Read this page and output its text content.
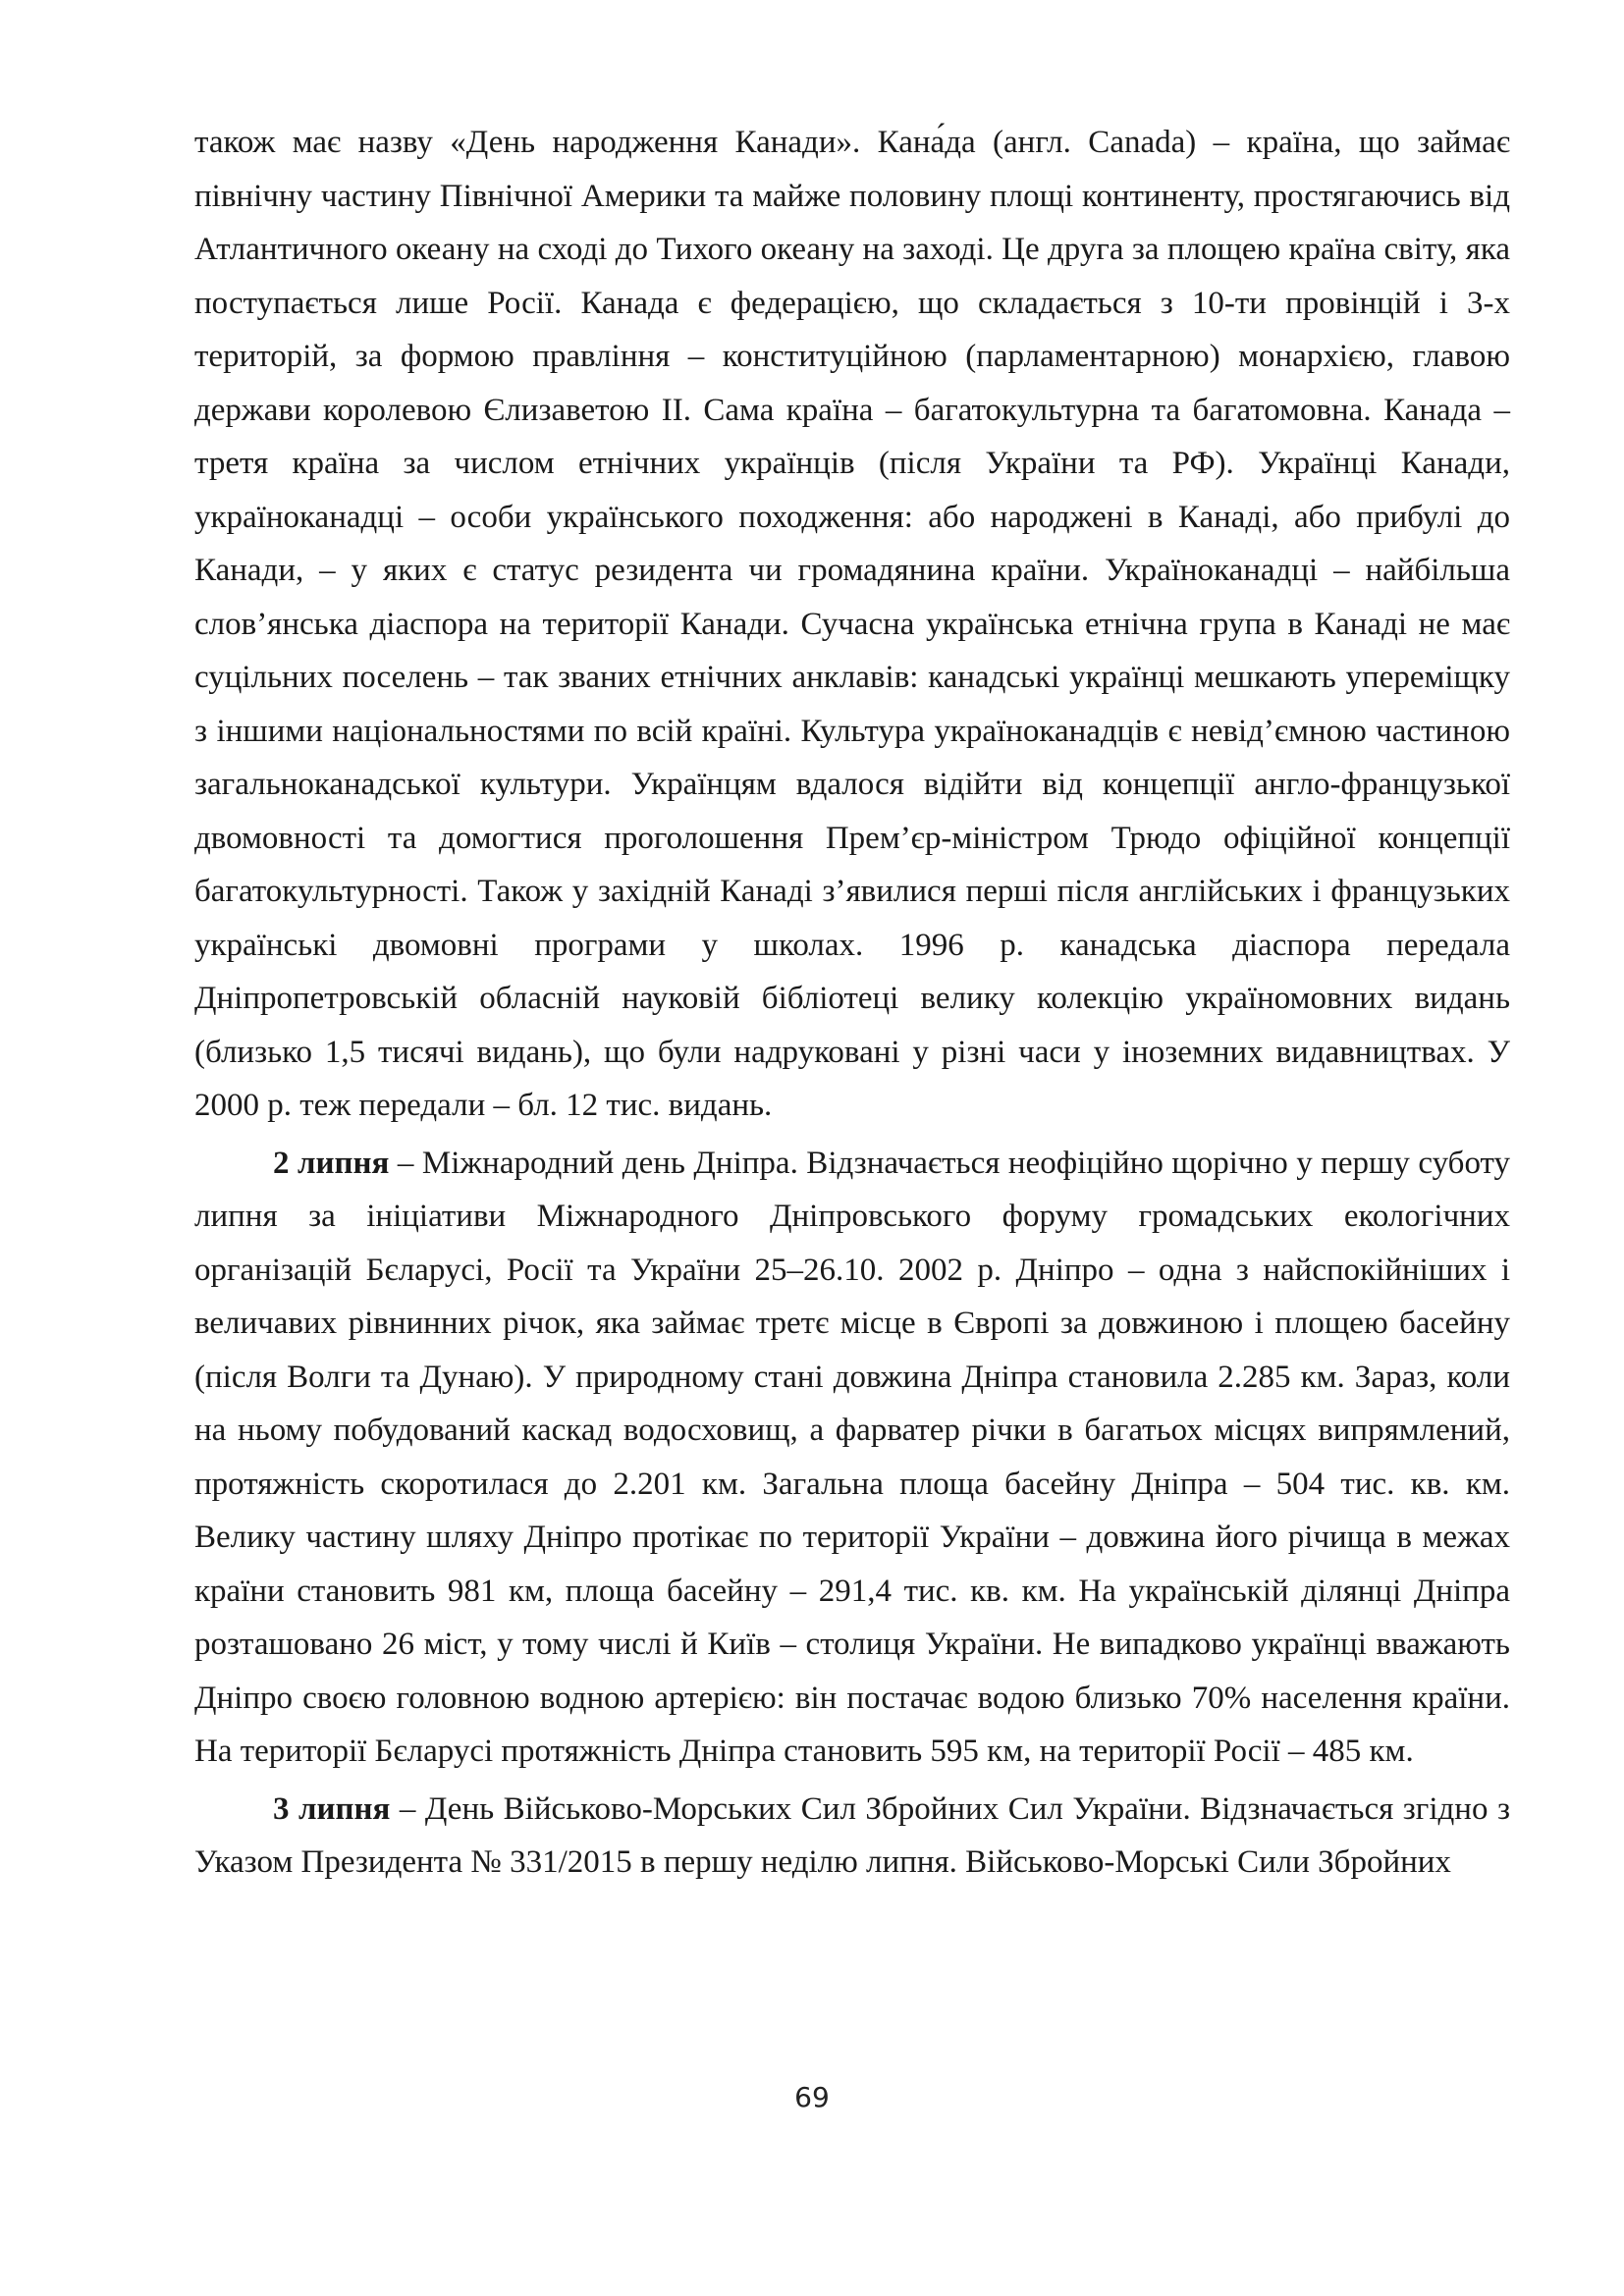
також має назву «День народження Канади». Кана́да (англ. Canada) – країна, що займає північну частину Північної Америки та майже половину площі континенту, простягаючись від Атлантичного океану на сході до Тихого океану на заході. Це друга за площею країна світу, яка поступається лише Росії. Канада є федерацією, що складається з 10-ти провінцій і 3-х територій, за формою правління – конституційною (парламентарною) монархією, главою держави королевою Єлизаветою II. Сама країна – багатокультурна та багатомовна. Канада – третя країна за числом етнічних українців (після України та РФ). Українці Канади, україноканадці – особи українського походження: або народжені в Канаді, або прибулі до Канади, – у яких є статус резидента чи громадянина країни. Україноканадці – найбільша слов’янська діаспора на території Канади. Сучасна українська етнічна група в Канаді не має суцільних поселень – так званих етнічних анклавів: канадські українці мешкають упереміщку з іншими національностями по всій країні. Культура україноканадців є невід’ємною частиною загальноканадської культури. Українцям вдалося відійти від концепції англо-французької двомовності та домогтися проголошення Прем’єр-міністром Трюдо офіційної концепції багатокультурності. Також у західній Канаді з’явилися перші після англійських і французьких українські двомовні програми у школах. 1996 р. канадська діаспора передала Дніпропетровській обласній науковій бібліотеці велику колекцію україномовних видань (близько 1,5 тисячі видань), що були надруковані у різні часи у іноземних видавництвах. У 2000 р. теж передали – бл. 12 тис. видань.

2 липня – Міжнародний день Дніпра. Відзначається неофіційно щорічно у першу суботу липня за ініціативи Міжнародного Дніпровського форуму громадських екологічних організацій Бєларусі, Росії та України 25–26.10. 2002 р. Дніпро – одна з найспокійніших і величавих рівнинних річок, яка займає третє місце в Європі за довжиною і площею басейну (після Волги та Дунаю). У природному стані довжина Дніпра становила 2.285 км. Зараз, коли на ньому побудований каскад водосховищ, а фарватер річки в багатьох місцях випрямлений, протяжність скоротилася до 2.201 км. Загальна площа басейну Дніпра – 504 тис. кв. км. Велику частину шляху Дніпро протікає по території України – довжина його річища в межах країни становить 981 км, площа басейну – 291,4 тис. кв. км. На українській ділянці Дніпра розташовано 26 міст, у тому числі й Київ – столиця України. Не випадково українці вважають Дніпро своєю головною водною артерією: він постачає водою близько 70% населення країни. На території Бєларусі протяжність Дніпра становить 595 км, на території Росії – 485 км.

3 липня – День Військово-Морських Сил Збройних Сил України. Відзначається згідно з Указом Президента № 331/2015 в першу неділю липня. Військово-Морські Сили Збройних

69
